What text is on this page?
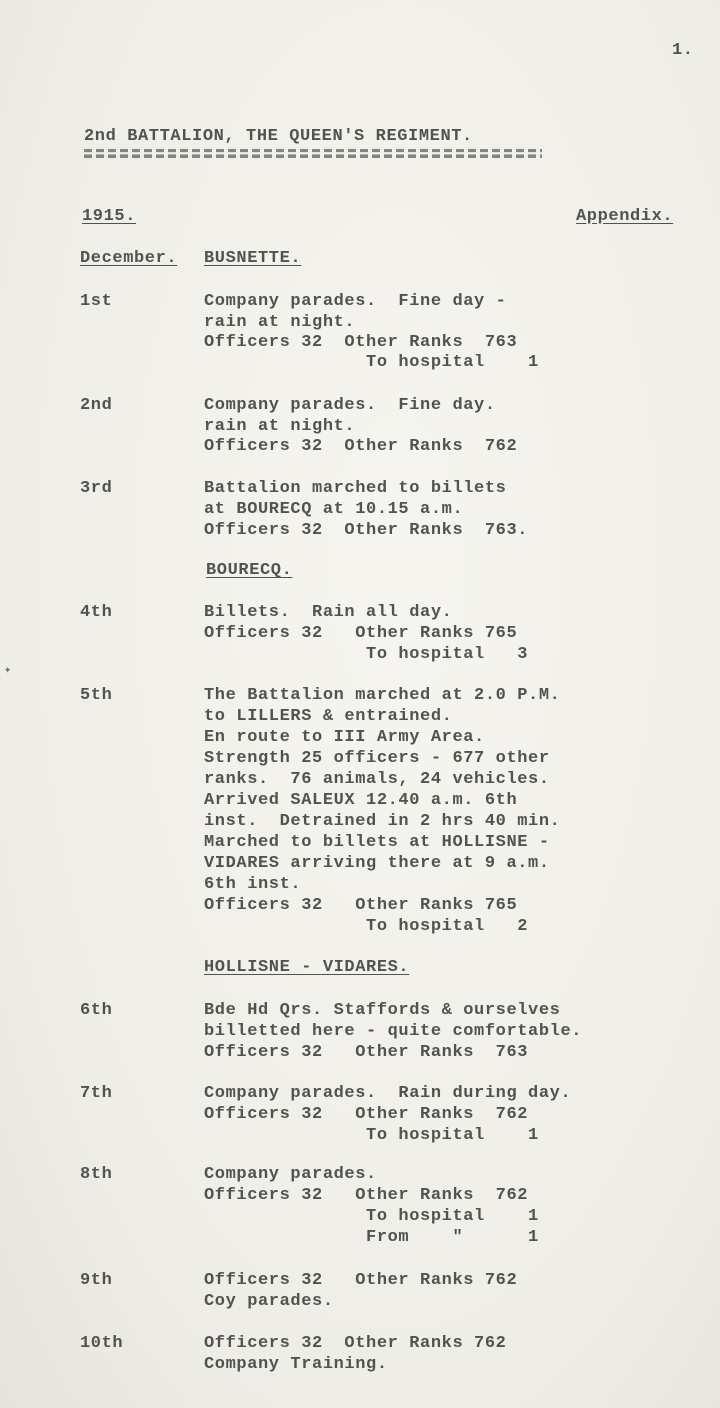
1.
2nd BATTALION, THE QUEEN'S REGIMENT.
1915.	Appendix.
December. BUSNETTE.
1st	Company parades.  Fine day -
rain at night.
Officers 32  Other Ranks  763
To hospital    1
2nd	Company parades.  Fine day.
rain at night.
Officers 32  Other Ranks  762
3rd	Battalion marched to billets
at BOURECQ at 10.15 a.m.
Officers 32  Other Ranks  763.
BOURECQ.
4th	Billets.  Rain all day.
Officers 32   Other Ranks 765
To hospital   3
✦
5th	The Battalion marched at 2.0 P.M.
to LILLERS & entrained.
En route to III Army Area.
Strength 25 officers - 677 other
ranks.  76 animals, 24 vehicles.
Arrived SALEUX 12.40 a.m. 6th
inst.  Detrained in 2 hrs 40 min.
Marched to billets at HOLLISNE -
VIDARES arriving there at 9 a.m.
6th inst.
Officers 32   Other Ranks 765
To hospital   2
HOLLISNE - VIDARES.
6th	Bde Hd Qrs. Staffords & ourselves
billetted here - quite comfortable.
Officers 32   Other Ranks  763
7th	Company parades.  Rain during day.
Officers 32   Other Ranks  762
To hospital    1
8th	Company parades.
Officers 32   Other Ranks  762
To hospital    1
From    "      1
9th	Officers 32   Other Ranks 762
Coy parades.
10th	Officers 32  Other Ranks 762
Company Training.
